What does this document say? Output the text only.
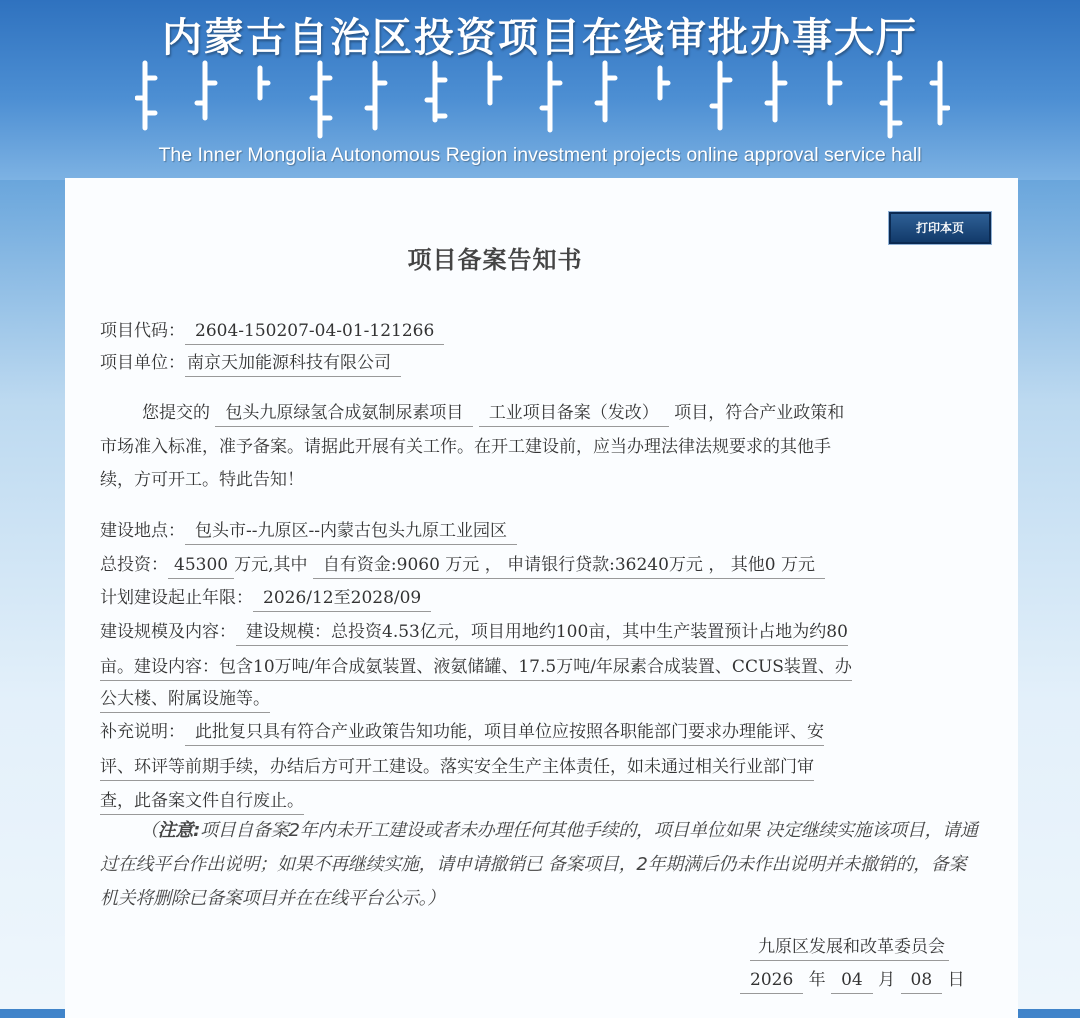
内蒙古自治区投资项目在线审批办事大厅
The Inner Mongolia Autonomous Region investment projects online approval service hall
打印本页
项目备案告知书
项目代码： 2604-150207-04-01-121266
项目单位： 南京天加能源科技有限公司
您提交的 包头九原绿氢合成氨制尿素项目 工业项目备案（发改） 项目，符合产业政策和
市场准入标准，准予备案。请据此开展有关工作。在开工建设前，应当办理法律法规要求的其他手
续，方可开工。特此告知！
建设地点： 包头市--九原区--内蒙古包头九原工业园区
总投资： 45300 万元,其中 自有资金:9060 万元 ， 申请银行贷款:36240万元 ， 其他0 万元
计划建设起止年限： 2026/12至2028/09
建设规模及内容： 建设规模：总投资4.53亿元，项目用地约100亩，其中生产装置预计占地为约80
亩。建设内容：包含10万吨/年合成氨装置、液氨储罐、17.5万吨/年尿素合成装置、CCUS装置、办
公大楼、附属设施等。
补充说明： 此批复只具有符合产业政策告知功能，项目单位应按照各职能部门要求办理能评、安
评、环评等前期手续，办结后方可开工建设。落实安全生产主体责任，如未通过相关行业部门审
查，此备案文件自行废止。
（注意:项目自备案2年内未开工建设或者未办理任何其他手续的，项目单位如果 决定继续实施该项目，请通过在线平台作出说明；如果不再继续实施，请申请撤销已 备案项目，2年期满后仍未作出说明并未撤销的，备案机关将删除已备案项目并在在线平台公示。）
九原区发展和改革委员会
2026 年 04 月 08 日
